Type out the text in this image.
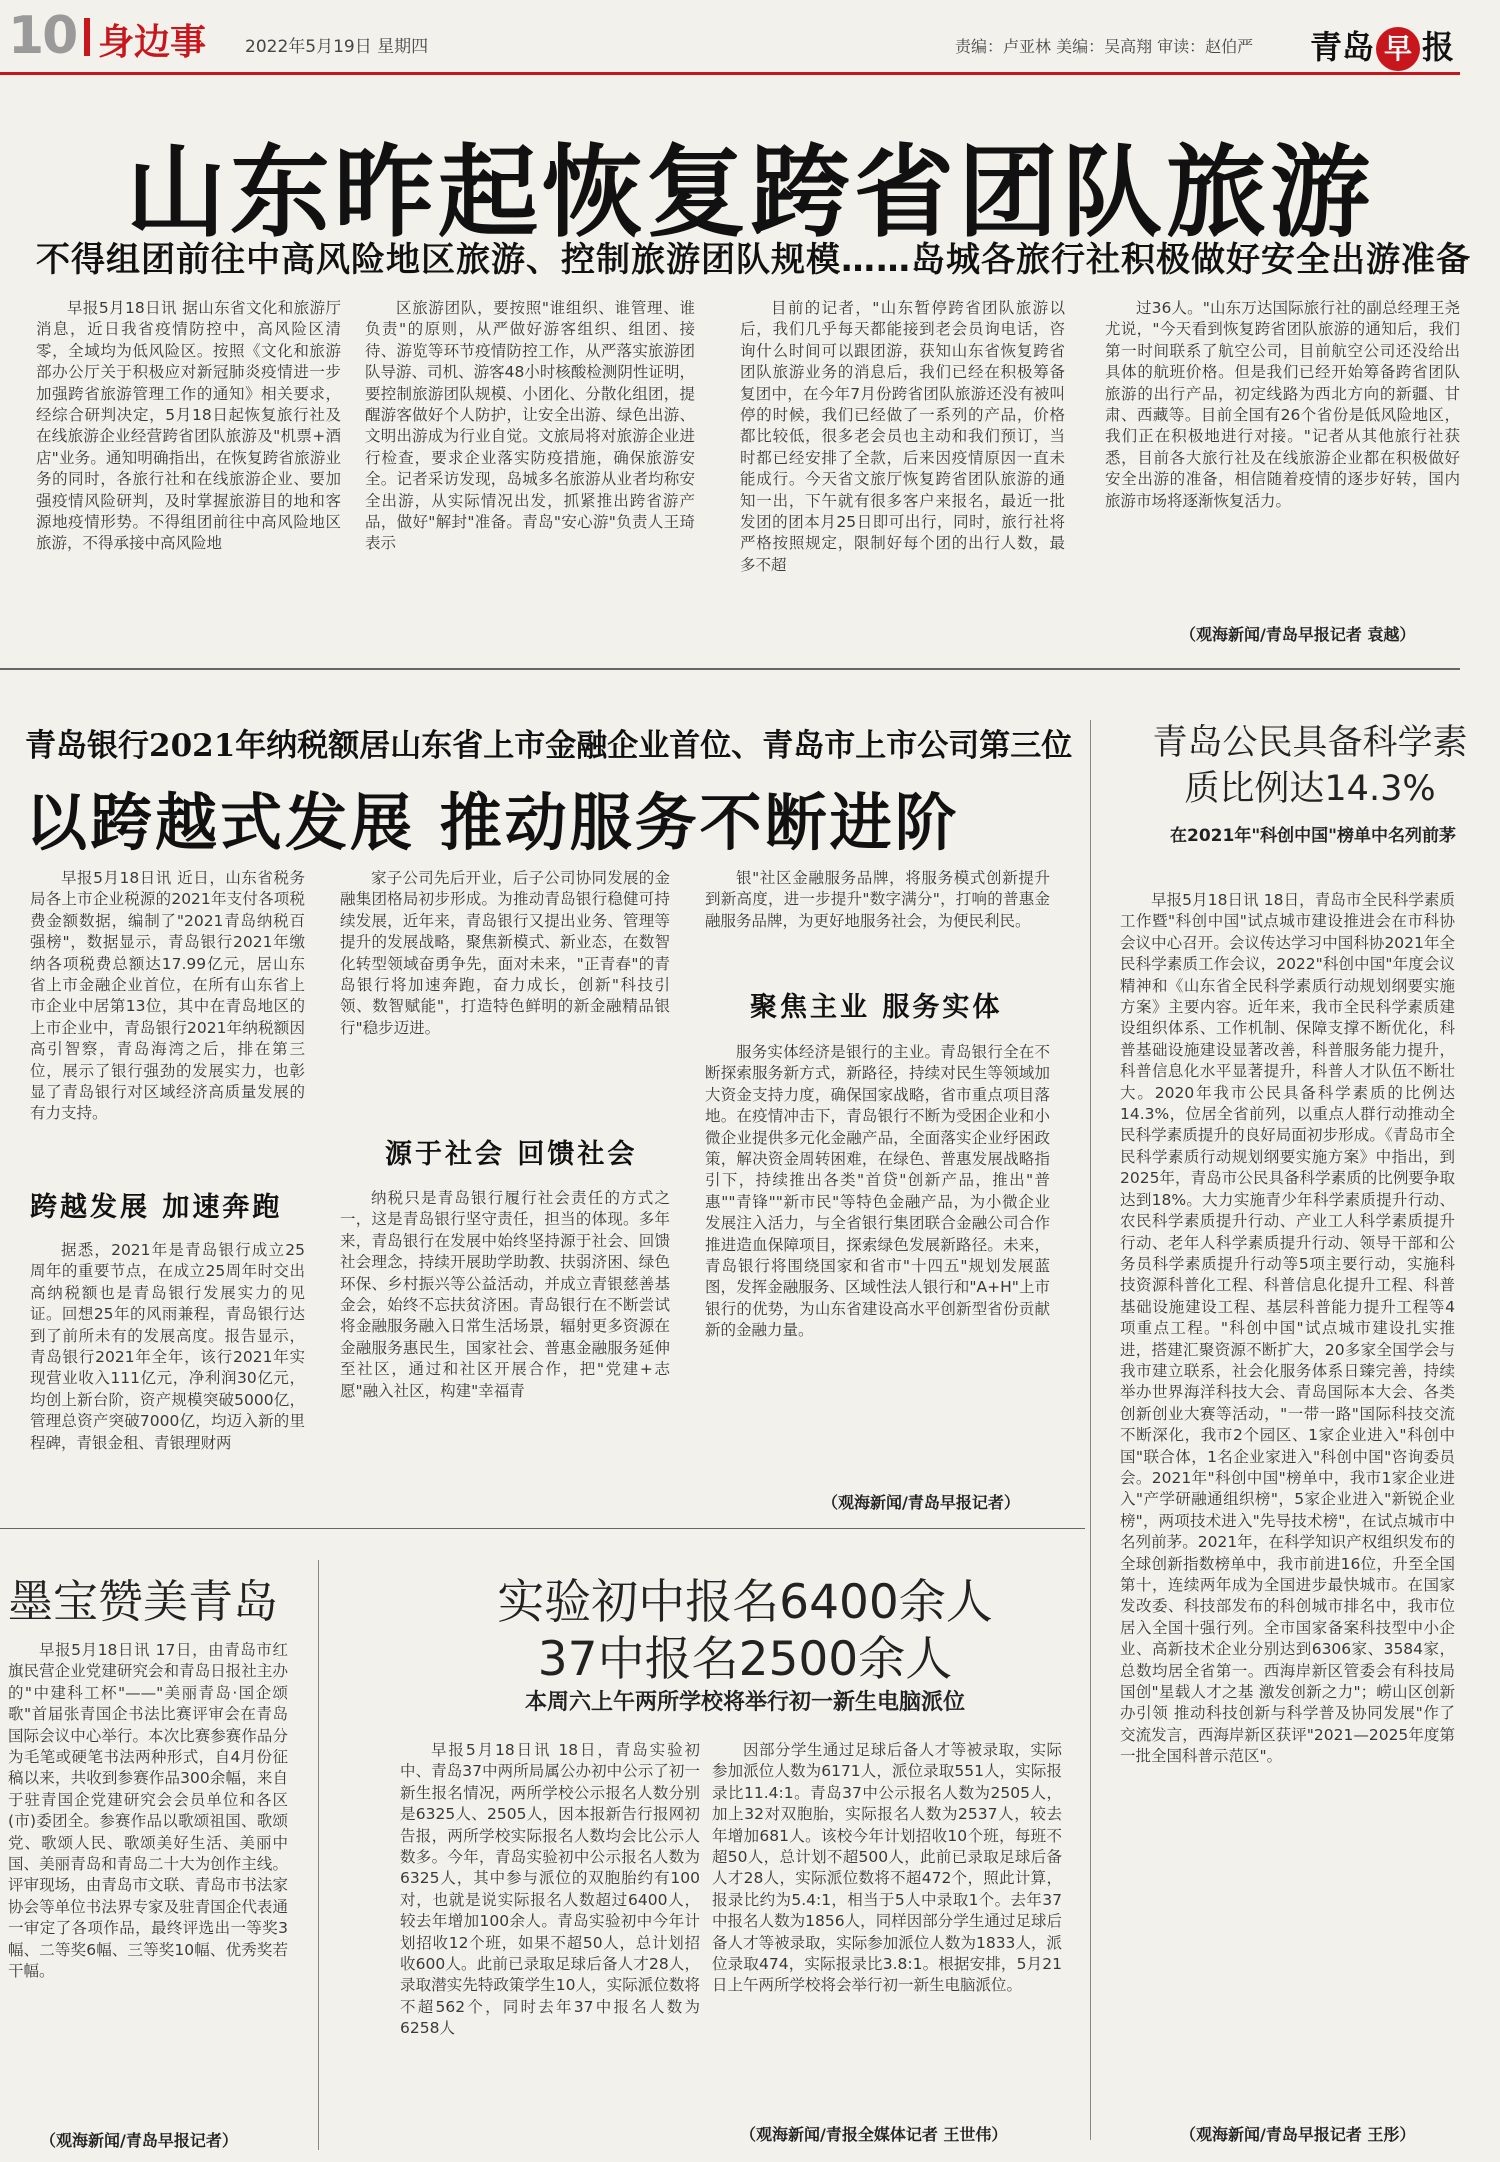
10 身边事 2022年5月19日 星期四	责编：卢亚林 美编：吴高翔 审读：赵伯严 青岛 早 报
山东昨起恢复跨省团队旅游
不得组团前往中高风险地区旅游、控制旅游团队规模……岛城各旅行社积极做好安全出游准备
早报5月18日讯 据山东省文化和旅游厅消息，近日我省疫情防控中，高风险区清零，全域均为低风险区。按照《文化和旅游部办公厅关于积极应对新冠肺炎疫情进一步加强跨省旅游管理工作的通知》相关要求，经综合研判决定，5月18日起恢复旅行社及在线旅游企业经营跨省团队旅游及"机票+酒店"业务。通知明确指出，在恢复跨省旅游业务的同时，各旅行社和在线旅游企业、要加强疫情风险研判，及时掌握旅游目的地和客源地疫情形势。不得组团前往中高风险地区旅游，不得承接中高风险地
区旅游团队，要按照"谁组织、谁管理、谁负责"的原则，从严做好游客组织、组团、接待、游览等环节疫情防控工作，从严落实旅游团队导游、司机、游客48小时核酸检测阴性证明，要控制旅游团队规模、小团化、分散化组团，提醒游客做好个人防护，让安全出游、绿色出游、文明出游成为行业自觉。文旅局将对旅游企业进行检查，要求企业落实防疫措施，确保旅游安全。记者采访发现，岛城多名旅游从业者均称安全出游，从实际情况出发，抓紧推出跨省游产品，做好"解封"准备。青岛"安心游"负责人王琦表示
目前的记者，"山东暂停跨省团队旅游以后，我们几乎每天都能接到老会员询电话，咨询什么时间可以跟团游，获知山东省恢复跨省团队旅游业务的消息后，我们已经在积极筹备复团中，在今年7月份跨省团队旅游还没有被叫停的时候，我们已经做了一系列的产品，价格都比较低，很多老会员也主动和我们预订，当时都已经安排了全款，后来因疫情原因一直未能成行。今天省文旅厅恢复跨省团队旅游的通知一出，下午就有很多客户来报名，最近一批发团的团本月25日即可出行，同时，旅行社将严格按照规定，限制好每个团的出行人数，最多不超
过36人。"山东万达国际旅行社的副总经理王尧尤说，"今天看到恢复跨省团队旅游的通知后，我们第一时间联系了航空公司，目前航空公司还没给出具体的航班价格。但是我们已经开始筹备跨省团队旅游的出行产品，初定线路为西北方向的新疆、甘肃、西藏等。目前全国有26个省份是低风险地区，我们正在积极地进行对接。"记者从其他旅行社获悉，目前各大旅行社及在线旅游企业都在积极做好安全出游的准备，相信随着疫情的逐步好转，国内旅游市场将逐渐恢复活力。
（观海新闻/青岛早报记者 袁越）
青岛银行2021年纳税额居山东省上市金融企业首位、青岛市上市公司第三位
以跨越式发展 推动服务不断进阶
早报5月18日讯 近日，山东省税务局各上市企业税源的2021年支付各项税费金额数据，编制了"2021青岛纳税百强榜"，数据显示，青岛银行2021年缴纳各项税费总额达17.99亿元，居山东省上市金融企业首位，在所有山东省上市企业中居第13位，其中在青岛地区的上市企业中，青岛银行2021年纳税额因高引智察，青岛海湾之后，排在第三位，展示了银行强劲的发展实力，也彰显了青岛银行对区域经济高质量发展的有力支持。
跨越发展 加速奔跑
据悉，2021年是青岛银行成立25周年的重要节点，在成立25周年时交出高纳税额也是青岛银行发展实力的见证。回想25年的风雨兼程，青岛银行达到了前所未有的发展高度。报告显示，青岛银行2021年全年，该行2021年实现营业收入111亿元，净利润30亿元，均创上新台阶，资产规模突破5000亿，管理总资产突破7000亿，均迈入新的里程碑，青银金租、青银理财两
家子公司先后开业，后子公司协同发展的金融集团格局初步形成。为推动青岛银行稳健可持续发展，近年来，青岛银行又提出业务、管理等提升的发展战略，聚焦新模式、新业态，在数智化转型领域奋勇争先，面对未来，"正青春"的青岛银行将加速奔跑，奋力成长，创新"科技引领、数智赋能"，打造特色鲜明的新金融精品银行"稳步迈进。
源于社会 回馈社会
纳税只是青岛银行履行社会责任的方式之一，这是青岛银行坚守责任，担当的体现。多年来，青岛银行在发展中始终坚持源于社会、回馈社会理念，持续开展助学助教、扶弱济困、绿色环保、乡村振兴等公益活动，并成立青银慈善基金会，始终不忘扶贫济困。青岛银行在不断尝试将金融服务融入日常生活场景，辐射更多资源在金融服务惠民生，国家社会、普惠金融服务延伸至社区，通过和社区开展合作，把"党建+志愿"融入社区，构建"幸福青
银"社区金融服务品牌，将服务模式创新提升到新高度，进一步提升"数字满分"，打响的普惠金融服务品牌，为更好地服务社会，为便民利民。
聚焦主业 服务实体
服务实体经济是银行的主业。青岛银行全在不断探索服务新方式，新路径，持续对民生等领域加大资金支持力度，确保国家战略，省市重点项目落地。在疫情冲击下，青岛银行不断为受困企业和小微企业提供多元化金融产品，全面落实企业纾困政策，解决资金周转困难，在绿色、普惠发展战略指引下，持续推出各类"首贷"创新产品，推出"普惠""青锋""新市民"等特色金融产品，为小微企业发展注入活力，与全省银行集团联合金融公司合作推进造血保障项目，探索绿色发展新路径。未来，青岛银行将围绕国家和省市"十四五"规划发展蓝图，发挥金融服务、区域性法人银行和"A+H"上市银行的优势，为山东省建设高水平创新型省份贡献新的金融力量。
（观海新闻/青岛早报记者）
青岛公民具备科学素质比例达14.3%
在2021年"科创中国"榜单中名列前茅
早报5月18日讯 18日，青岛市全民科学素质工作暨"科创中国"试点城市建设推进会在市科协会议中心召开。会议传达学习中国科协2021年全民科学素质工作会议，2022"科创中国"年度会议精神和《山东省全民科学素质行动规划纲要实施方案》主要内容。近年来，我市全民科学素质建设组织体系、工作机制、保障支撑不断优化，科普基础设施建设显著改善，科普服务能力提升，科普信息化水平显著提升，科普人才队伍不断壮大。2020年我市公民具备科学素质的比例达14.3%，位居全省前列，以重点人群行动推动全民科学素质提升的良好局面初步形成。《青岛市全民科学素质行动规划纲要实施方案》中指出，到2025年，青岛市公民具备科学素质的比例要争取达到18%。大力实施青少年科学素质提升行动、农民科学素质提升行动、产业工人科学素质提升行动、老年人科学素质提升行动、领导干部和公务员科学素质提升行动等5项主要行动，实施科技资源科普化工程、科普信息化提升工程、科普基础设施建设工程、基层科普能力提升工程等4项重点工程。"科创中国"试点城市建设扎实推进，搭建汇聚资源不断扩大，20多家全国学会与我市建立联系，社会化服务体系日臻完善，持续举办世界海洋科技大会、青岛国际本大会、各类创新创业大赛等活动，"一带一路"国际科技交流不断深化，我市2个园区、1家企业进入"科创中国"联合体，1名企业家进入"科创中国"咨询委员会。2021年"科创中国"榜单中，我市1家企业进入"产学研融通组织榜"，5家企业进入"新锐企业榜"，两项技术进入"先导技术榜"，在试点城市中名列前茅。2021年，在科学知识产权组织发布的全球创新指数榜单中，我市前进16位，升至全国第十，连续两年成为全国进步最快城市。在国家发改委、科技部发布的科创城市排名中，我市位居入全国十强行列。全市国家备案科技型中小企业、高新技术企业分别达到6306家、3584家，总数均居全省第一。西海岸新区管委会有科技局国创"星载人才之基 激发创新之力"；崂山区创新办引领 推动科技创新与科学普及协同发展"作了交流发言，西海岸新区获评"2021—2025年度第一批全国科普示范区"。
（观海新闻/青岛早报记者 王彤）
墨宝赞美青岛
早报5月18日讯 17日，由青岛市红旗民营企业党建研究会和青岛日报社主办的"中建科工杯"——"美丽青岛·国企颂歌"首届张青国企书法比赛评审会在青岛国际会议中心举行。本次比赛参赛作品分为毛笔或硬笔书法两种形式，自4月份征稿以来，共收到参赛作品300余幅，来自于驻青国企党建研究会会员单位和各区(市)委团全。参赛作品以歌颂祖国、歌颂党、歌颂人民、歌颂美好生活、美丽中国、美丽青岛和青岛二十大为创作主线。评审现场，由青岛市文联、青岛市书法家协会等单位书法界专家及驻青国企代表通一审定了各项作品，最终评选出一等奖3幅、二等奖6幅、三等奖10幅、优秀奖若干幅。
（观海新闻/青岛早报记者）
实验初中报名6400余人
37中报名2500余人
本周六上午两所学校将举行初一新生电脑派位
早报5月18日讯 18日，青岛实验初中、青岛37中两所局属公办初中公示了初一新生报名情况，两所学校公示报名人数分别是6325人、2505人，因本报新告行报网初告报，两所学校实际报名人数均会比公示人数多。今年，青岛实验初中公示报名人数为6325人，其中参与派位的双胞胎约有100对，也就是说实际报名人数超过6400人，较去年增加100余人。青岛实验初中今年计划招收12个班，如果不超50人，总计划招收600人。此前已录取足球后备人才28人，录取潜实先特政策学生10人，实际派位数将不超562个，同时去年37中报名人数为6258人
因部分学生通过足球后备人才等被录取，实际参加派位人数为6171人，派位录取551人，实际报录比11.4:1。青岛37中公示报名人数为2505人，加上32对双胞胎，实际报名人数为2537人，较去年增加681人。该校今年计划招收10个班，每班不超50人，总计划不超500人，此前已录取足球后备人才28人，实际派位数将不超472个，照此计算，报录比约为5.4:1，相当于5人中录取1个。去年37中报名人数为1856人，同样因部分学生通过足球后备人才等被录取，实际参加派位人数为1833人，派位录取474，实际报录比3.8:1。根据安排，5月21日上午两所学校将会举行初一新生电脑派位。
（观海新闻/青报全媒体记者 王世伟）
